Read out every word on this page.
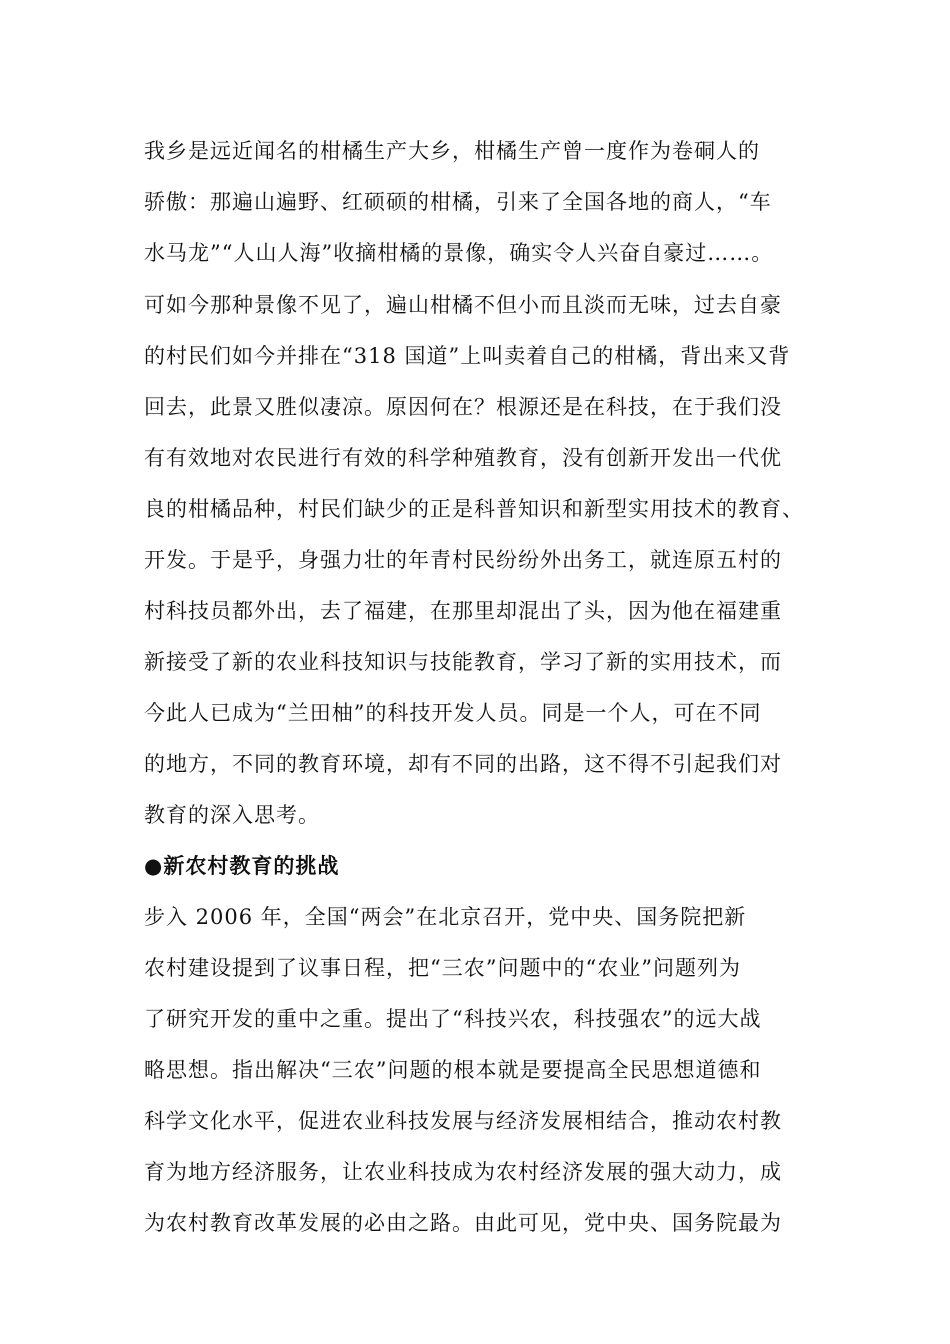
我乡是远近闻名的柑橘生产大乡，柑橘生产曾一度作为卷硐人的
骄傲：那遍山遍野、红硕硕的柑橘，引来了全国各地的商人，“车
水马龙”“人山人海”收摘柑橘的景像，确实令人兴奋自豪过……。
可如今那种景像不见了，遍山柑橘不但小而且淡而无味，过去自豪
的村民们如今并排在“318 国道”上叫卖着自己的柑橘，背出来又背
回去，此景又胜似凄凉。原因何在？根源还是在科技，在于我们没
有有效地对农民进行有效的科学种殖教育，没有创新开发出一代优
良的柑橘品种，村民们缺少的正是科普知识和新型实用技术的教育、
开发。于是乎，身强力壮的年青村民纷纷外出务工，就连原五村的
村科技员都外出，去了福建，在那里却混出了头，因为他在福建重
新接受了新的农业科技知识与技能教育，学习了新的实用技术，而
今此人已成为“兰田柚”的科技开发人员。同是一个人，可在不同
的地方，不同的教育环境，却有不同的出路，这不得不引起我们对
教育的深入思考。
●新农村教育的挑战
步入 2006 年，全国“两会”在北京召开，党中央、国务院把新
农村建设提到了议事日程，把“三农”问题中的“农业”问题列为
了研究开发的重中之重。提出了“科技兴农，科技强农”的远大战
略思想。指出解决“三农”问题的根本就是要提高全民思想道德和
科学文化水平，促进农业科技发展与经济发展相结合，推动农村教
育为地方经济服务，让农业科技成为农村经济发展的强大动力，成
为农村教育改革发展的必由之路。由此可见，党中央、国务院最为
